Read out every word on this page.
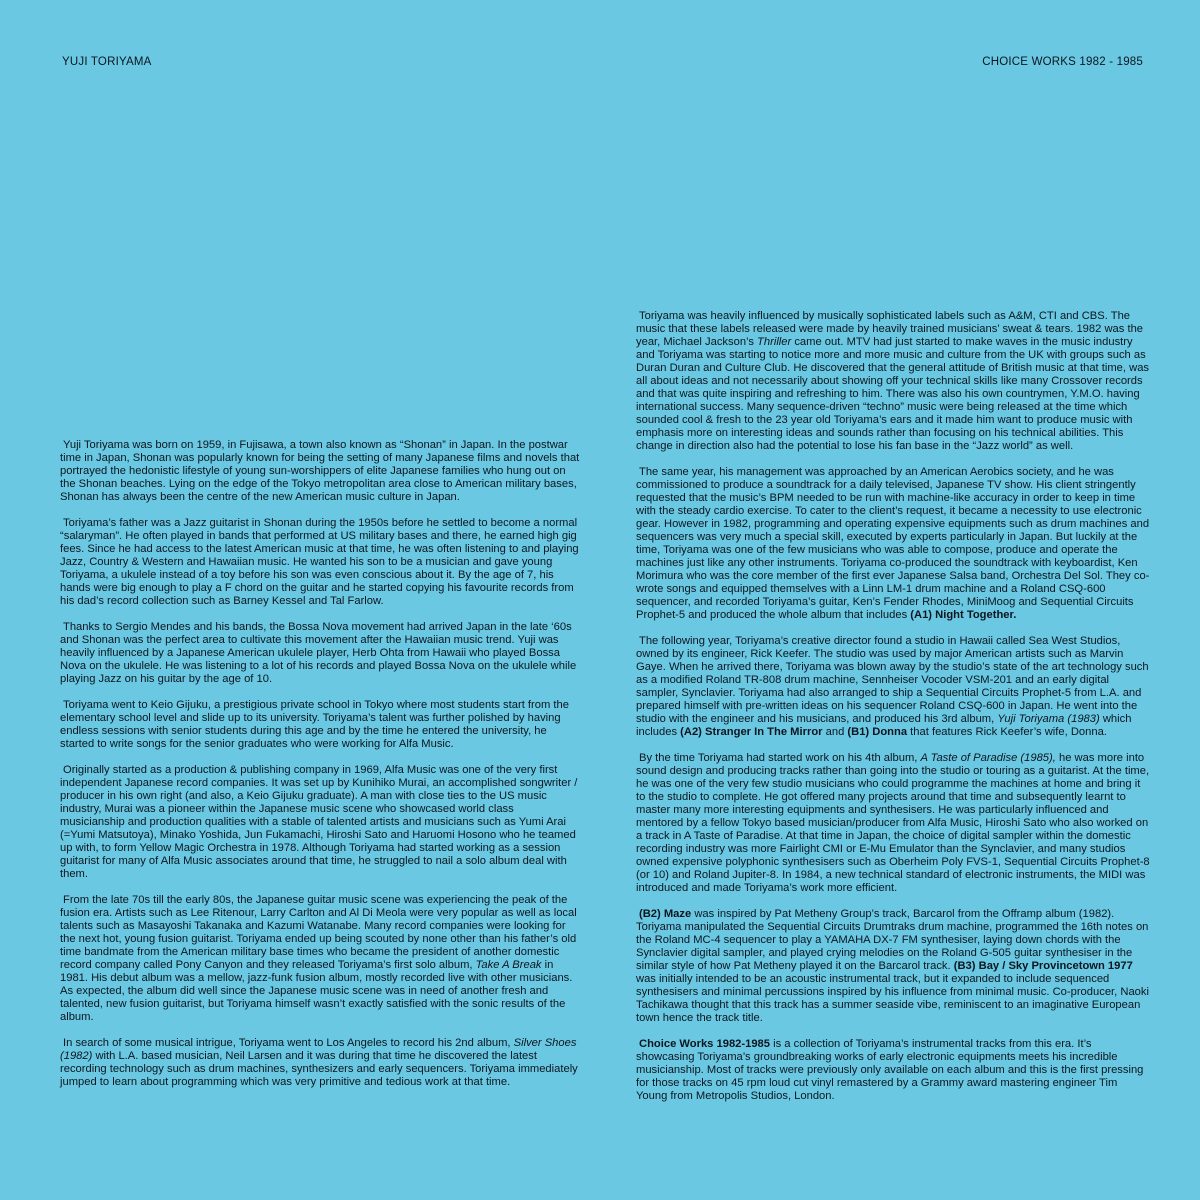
YUJI TORIYAMA	CHOICE WORKS 1982 - 1985

Yuji Toriyama was born on 1959, in Fujisawa, a town also known as “Shonan” in Japan. In the postwar time in Japan, Shonan was popularly known for being the setting of many Japanese films and novels that portrayed the hedonistic lifestyle of young sun-worshippers of elite Japanese families who hung out on the Shonan beaches. Lying on the edge of the Tokyo metropolitan area close to American military bases, Shonan has always been the centre of the new American music culture in Japan.

Toriyama’s father was a Jazz guitarist in Shonan during the 1950s before he settled to become a normal “salaryman”. He often played in bands that performed at US military bases and there, he earned high gig fees. Since he had access to the latest American music at that time, he was often listening to and playing Jazz, Country & Western and Hawaiian music. He wanted his son to be a musician and gave young Toriyama, a ukulele instead of a toy before his son was even conscious about it. By the age of 7, his hands were big enough to play a F chord on the guitar and he started copying his favourite records from his dad’s record collection such as Barney Kessel and Tal Farlow.

Thanks to Sergio Mendes and his bands, the Bossa Nova movement had arrived Japan in the late ‘60s and Shonan was the perfect area to cultivate this movement after the Hawaiian music trend. Yuji was heavily influenced by a Japanese American ukulele player, Herb Ohta from Hawaii who played Bossa Nova on the ukulele. He was listening to a lot of his records and played Bossa Nova on the ukulele while playing Jazz on his guitar by the age of 10.

Toriyama went to Keio Gijuku, a prestigious private school in Tokyo where most students start from the elementary school level and slide up to its university. Toriyama’s talent was further polished by having endless sessions with senior students during this age and by the time he entered the university, he started to write songs for the senior graduates who were working for Alfa Music.

Originally started as a production & publishing company in 1969, Alfa Music was one of the very first independent Japanese record companies. It was set up by Kunihiko Murai, an accomplished songwriter / producer in his own right (and also, a Keio Gijuku graduate). A man with close ties to the US music industry, Murai was a pioneer within the Japanese music scene who showcased world class musicianship and production qualities with a stable of talented artists and musicians such as Yumi Arai (=Yumi Matsutoya), Minako Yoshida, Jun Fukamachi, Hiroshi Sato and Haruomi Hosono who he teamed up with, to form Yellow Magic Orchestra in 1978. Although Toriyama had started working as a session guitarist for many of Alfa Music associates around that time, he struggled to nail a solo album deal with them.

From the late 70s till the early 80s, the Japanese guitar music scene was experiencing the peak of the fusion era. Artists such as Lee Ritenour, Larry Carlton and Al Di Meola were very popular as well as local talents such as Masayoshi Takanaka and Kazumi Watanabe. Many record companies were looking for the next hot, young fusion guitarist. Toriyama ended up being scouted by none other than his father’s old time bandmate from the American military base times who became the president of another domestic record company called Pony Canyon and they released Toriyama’s first solo album, Take A Break in 1981. His debut album was a mellow, jazz-funk fusion album, mostly recorded live with other musicians. As expected, the album did well since the Japanese music scene was in need of another fresh and talented, new fusion guitarist, but Toriyama himself wasn’t exactly satisfied with the sonic results of the album.

In search of some musical intrigue, Toriyama went to Los Angeles to record his 2nd album, Silver Shoes (1982) with L.A. based musician, Neil Larsen and it was during that time he discovered the latest recording technology such as drum machines, synthesizers and early sequencers. Toriyama immediately jumped to learn about programming which was very primitive and tedious work at that time.

Toriyama was heavily influenced by musically sophisticated labels such as A&M, CTI and CBS. The music that these labels released were made by heavily trained musicians’ sweat & tears. 1982 was the year, Michael Jackson’s Thriller came out. MTV had just started to make waves in the music industry and Toriyama was starting to notice more and more music and culture from the UK with groups such as Duran Duran and Culture Club. He discovered that the general attitude of British music at that time, was all about ideas and not necessarily about showing off your technical skills like many Crossover records and that was quite inspiring and refreshing to him. There was also his own countrymen, Y.M.O. having international success. Many sequence-driven “techno” music were being released at the time which sounded cool & fresh to the 23 year old Toriyama’s ears and it made him want to produce music with emphasis more on interesting ideas and sounds rather than focusing on his technical abilities. This change in direction also had the potential to lose his fan base in the “Jazz world” as well.

The same year, his management was approached by an American Aerobics society, and he was commissioned to produce a soundtrack for a daily televised, Japanese TV show. His client stringently requested that the music’s BPM needed to be run with machine-like accuracy in order to keep in time with the steady cardio exercise. To cater to the client’s request, it became a necessity to use electronic gear. However in 1982, programming and operating expensive equipments such as drum machines and sequencers was very much a special skill, executed by experts particularly in Japan. But luckily at the time, Toriyama was one of the few musicians who was able to compose, produce and operate the machines just like any other instruments. Toriyama co-produced the soundtrack with keyboardist, Ken Morimura who was the core member of the first ever Japanese Salsa band, Orchestra Del Sol. They co-wrote songs and equipped themselves with a Linn LM-1 drum machine and a Roland CSQ-600 sequencer, and recorded Toriyama’s guitar, Ken’s Fender Rhodes, MiniMoog and Sequential Circuits Prophet-5 and produced the whole album that includes (A1) Night Together.

The following year, Toriyama’s creative director found a studio in Hawaii called Sea West Studios, owned by its engineer, Rick Keefer. The studio was used by major American artists such as Marvin Gaye. When he arrived there, Toriyama was blown away by the studio’s state of the art technology such as a modified Roland TR-808 drum machine, Sennheiser Vocoder VSM-201 and an early digital sampler, Synclavier. Toriyama had also arranged to ship a Sequential Circuits Prophet-5 from L.A. and prepared himself with pre-written ideas on his sequencer Roland CSQ-600 in Japan. He went into the studio with the engineer and his musicians, and produced his 3rd album, Yuji Toriyama (1983) which includes (A2) Stranger In The Mirror and (B1) Donna that features Rick Keefer’s wife, Donna.

By the time Toriyama had started work on his 4th album, A Taste of Paradise (1985), he was more into sound design and producing tracks rather than going into the studio or touring as a guitarist. At the time, he was one of the very few studio musicians who could programme the machines at home and bring it to the studio to complete. He got offered many projects around that time and subsequently learnt to master many more interesting equipments and synthesisers. He was particularly influenced and mentored by a fellow Tokyo based musician/producer from Alfa Music, Hiroshi Sato who also worked on a track in A Taste of Paradise. At that time in Japan, the choice of digital sampler within the domestic recording industry was more Fairlight CMI or E-Mu Emulator than the Synclavier, and many studios owned expensive polyphonic synthesisers such as Oberheim Poly FVS-1, Sequential Circuits Prophet-8 (or 10) and Roland Jupiter-8. In 1984, a new technical standard of electronic instruments, the MIDI was introduced and made Toriyama’s work more efficient.

(B2) Maze was inspired by Pat Metheny Group’s track, Barcarol from the Offramp album (1982). Toriyama manipulated the Sequential Circuits Drumtraks drum machine, programmed the 16th notes on the Roland MC-4 sequencer to play a YAMAHA DX-7 FM synthesiser, laying down chords with the Synclavier digital sampler, and played crying melodies on the Roland G-505 guitar synthesiser in the similar style of how Pat Metheny played it on the Barcarol track. (B3) Bay / Sky Provincetown 1977 was initially intended to be an acoustic instrumental track, but it expanded to include sequenced synthesisers and minimal percussions inspired by his influence from minimal music. Co-producer, Naoki Tachikawa thought that this track has a summer seaside vibe, reminiscent to an imaginative European town hence the track title.

Choice Works 1982-1985 is a collection of Toriyama’s instrumental tracks from this era. It’s showcasing Toriyama’s groundbreaking works of early electronic equipments meets his incredible musicianship. Most of tracks were previously only available on each album and this is the first pressing for those tracks on 45 rpm loud cut vinyl remastered by a Grammy award mastering engineer Tim Young from Metropolis Studios, London.
